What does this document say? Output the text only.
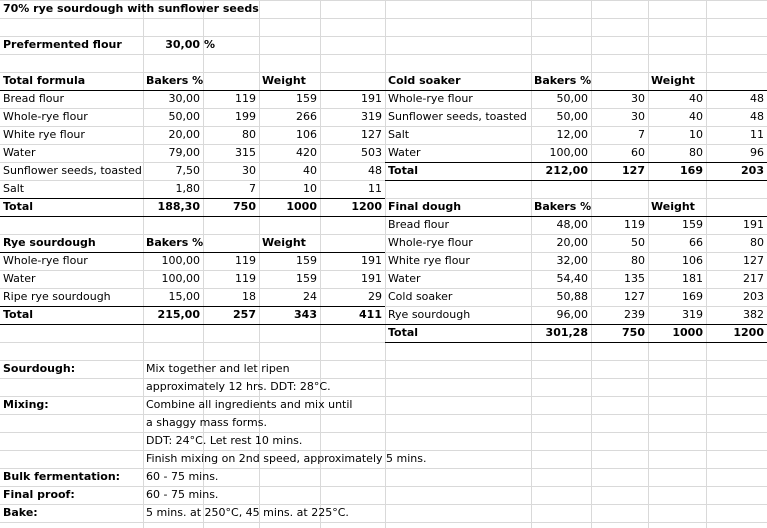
70% rye sourdough with sunflower seeds
Prefermented flour	30,00 %
Total formula	Bakers %	Weight
Bread flour	30,00	119	159	191
Whole-rye flour	50,00	199	266	319
White rye flour	20,00	80	106	127
Water	79,00	315	420	503
Sunflower seeds, toasted	7,50	30	40	48
Salt	1,80	7	10	11
Total	188,30	750	1000	1200
Rye sourdough	Bakers %	Weight
Whole-rye flour	100,00	119	159	191
Water	100,00	119	159	191
Ripe rye sourdough	15,00	18	24	29
Total	215,00	257	343	411
Cold soaker	Bakers %	Weight
Whole-rye flour	50,00	30	40	48
Sunflower seeds, toasted	50,00	30	40	48
Salt	12,00	7	10	11
Water	100,00	60	80	96
Total	212,00	127	169	203
Final dough	Bakers %	Weight
Bread flour	48,00	119	159	191
Whole-rye flour	20,00	50	66	80
White rye flour	32,00	80	106	127
Water	54,40	135	181	217
Cold soaker	50,88	127	169	203
Rye sourdough	96,00	239	319	382
Total	301,28	750	1000	1200
Sourdough:	Mix together and let ripen
approximately 12 hrs. DDT: 28°C.
Mixing:	Combine all ingredients and mix until
a shaggy mass forms.
DDT: 24°C. Let rest 10 mins.
Finish mixing on 2nd speed, approximately 5 mins.
Bulk fermentation:	60 - 75 mins.
Final proof:	60 - 75 mins.
Bake:	5 mins. at 250°C, 45 mins. at 225°C.
